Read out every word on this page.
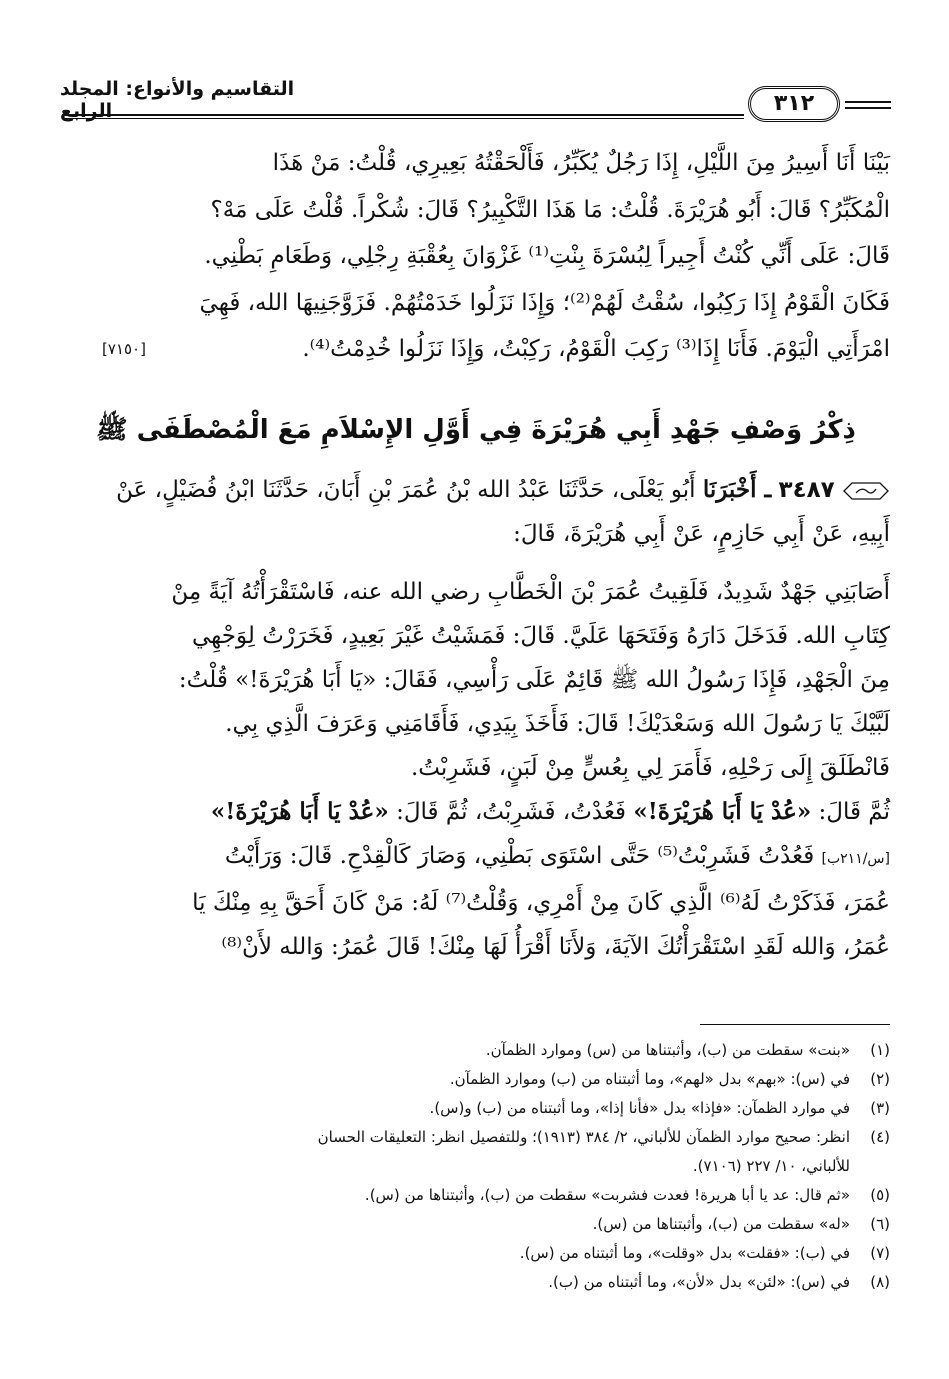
٣١٢
التقاسيم والأنواع: المجلد الرابع

بَيْنَا أَنَا أَسِيرُ مِنَ اللَّيْلِ، إِذَا رَجُلٌ يُكَبِّرُ، فَأَلْحَقْتُهُ بَعِيرِي، قُلْتُ: مَنْ هَذَا

الْمُكَبِّرُ؟ قَالَ: أَبُو هُرَيْرَةَ. قُلْتُ: مَا هَذَا التَّكْبِيرُ؟ قَالَ: شُكْراً. قُلْتُ عَلَى مَهْ؟

قَالَ: عَلَى أَنِّي كُنْتُ أَجِيراً لِبُسْرَةَ بِنْتِ⁽¹⁾ غَزْوَانَ بِعُقْبَةِ رِجْلِي، وَطَعَامِ بَطْنِي.

فَكَانَ الْقَوْمُ إِذَا رَكِبُوا، سُقْتُ لَهُمْ⁽²⁾؛ وَإِذَا نَزَلُوا خَدَمْتُهُمْ. فَزَوَّجَنِيهَا الله، فَهِيَ

امْرَأَتِي الْيَوْمَ. فَأَنَا إِذَا⁽³⁾ رَكِبَ الْقَوْمُ، رَكِبْتُ، وَإِذَا نَزَلُوا خُدِمْتُ⁽⁴⁾.
[٧١٥٠]

ذِكْرُ وَصْفِ جَهْدِ أَبِي هُرَيْرَةَ فِي أَوَّلِ الإِسْلاَمِ مَعَ الْمُصْطَفَى ﷺ

٣٤٨٧ ـ أَخْبَرَنَا أَبُو يَعْلَى، حَدَّثَنَا عَبْدُ الله بْنُ عُمَرَ بْنِ أَبَانَ، حَدَّثَنَا ابْنُ فُضَيْلٍ، عَنْ

أَبِيهِ، عَنْ أَبِي حَازِمٍ، عَنْ أَبِي هُرَيْرَةَ، قَالَ:

أَصَابَنِي جَهْدٌ شَدِيدٌ، فَلَقِيتُ عُمَرَ بْنَ الْخَطَّابِ رضي الله عنه، فَاسْتَقْرَأْتُهُ آيَةً مِنْ

كِتَابِ الله. فَدَخَلَ دَارَهُ وَفَتَحَهَا عَلَيَّ. قَالَ: فَمَشَيْتُ غَيْرَ بَعِيدٍ، فَخَرَرْتُ لِوَجْهِي

مِنَ الْجَهْدِ، فَإِذَا رَسُولُ الله ﷺ قَائِمٌ عَلَى رَأْسِي، فَقَالَ: «يَا أَبَا هُرَيْرَةَ!» قُلْتُ:

لَبَّيْكَ يَا رَسُولَ الله وَسَعْدَيْكَ! قَالَ: فَأَخَذَ بِيَدِي، فَأَقَامَنِي وَعَرَفَ الَّذِي بِي.

فَانْطَلَقَ إِلَى رَحْلِهِ، فَأَمَرَ لِي بِعُسٍّ مِنْ لَبَنٍ، فَشَرِبْتُ.

ثُمَّ قَالَ: «عُدْ يَا أَبَا هُرَيْرَةَ!» فَعُدْتُ، فَشَرِبْتُ، ثُمَّ قَالَ: «عُدْ يَا أَبَا هُرَيْرَةَ!»

[س/٢١١ب] فَعُدْتُ فَشَرِبْتُ⁽⁵⁾ حَتَّى اسْتَوَى بَطْنِي، وَصَارَ كَالْقِدْحِ. قَالَ: وَرَأَيْتُ

عُمَرَ، فَذَكَرْتُ لَهُ⁽⁶⁾ الَّذِي كَانَ مِنْ أَمْرِي، وَقُلْتُ⁽⁷⁾ لَهُ: مَنْ كَانَ أَحَقَّ بِهِ مِنْكَ يَا

عُمَرُ، وَالله لَقَدِ اسْتَقْرَأْتُكَ الآيَةَ، وَلأَنَا أَقْرَأُ لَهَا مِنْكَ! قَالَ عُمَرُ: وَالله لأَنْ⁽⁸⁾

(١)
«بنت» سقطت من (ب)، وأثبتناها من (س) وموارد الظمآن.
(٢)
في (س): «بهم» بدل «لهم»، وما أثبتناه من (ب) وموارد الظمآن.
(٣)
في موارد الظمآن: «فإذا» بدل «فأنا إذا»، وما أثبتناه من (ب) و(س).
(٤)
انظر: صحيح موارد الظمآن للألباني، ٢/ ٣٨٤ (١٩١٣)؛ وللتفصيل انظر: التعليقات الحسان
للألباني، ١٠/ ٢٢٧ (٧١٠٦).
(٥)
«ثم قال: عد يا أبا هريرة! فعدت فشربت» سقطت من (ب)، وأثبتناها من (س).
(٦)
«له» سقطت من (ب)، وأثبتناها من (س).
(٧)
في (ب): «فقلت» بدل «وقلت»، وما أثبتناه من (س).
(٨)
في (س): «لئن» بدل «لأن»، وما أثبتناه من (ب).
